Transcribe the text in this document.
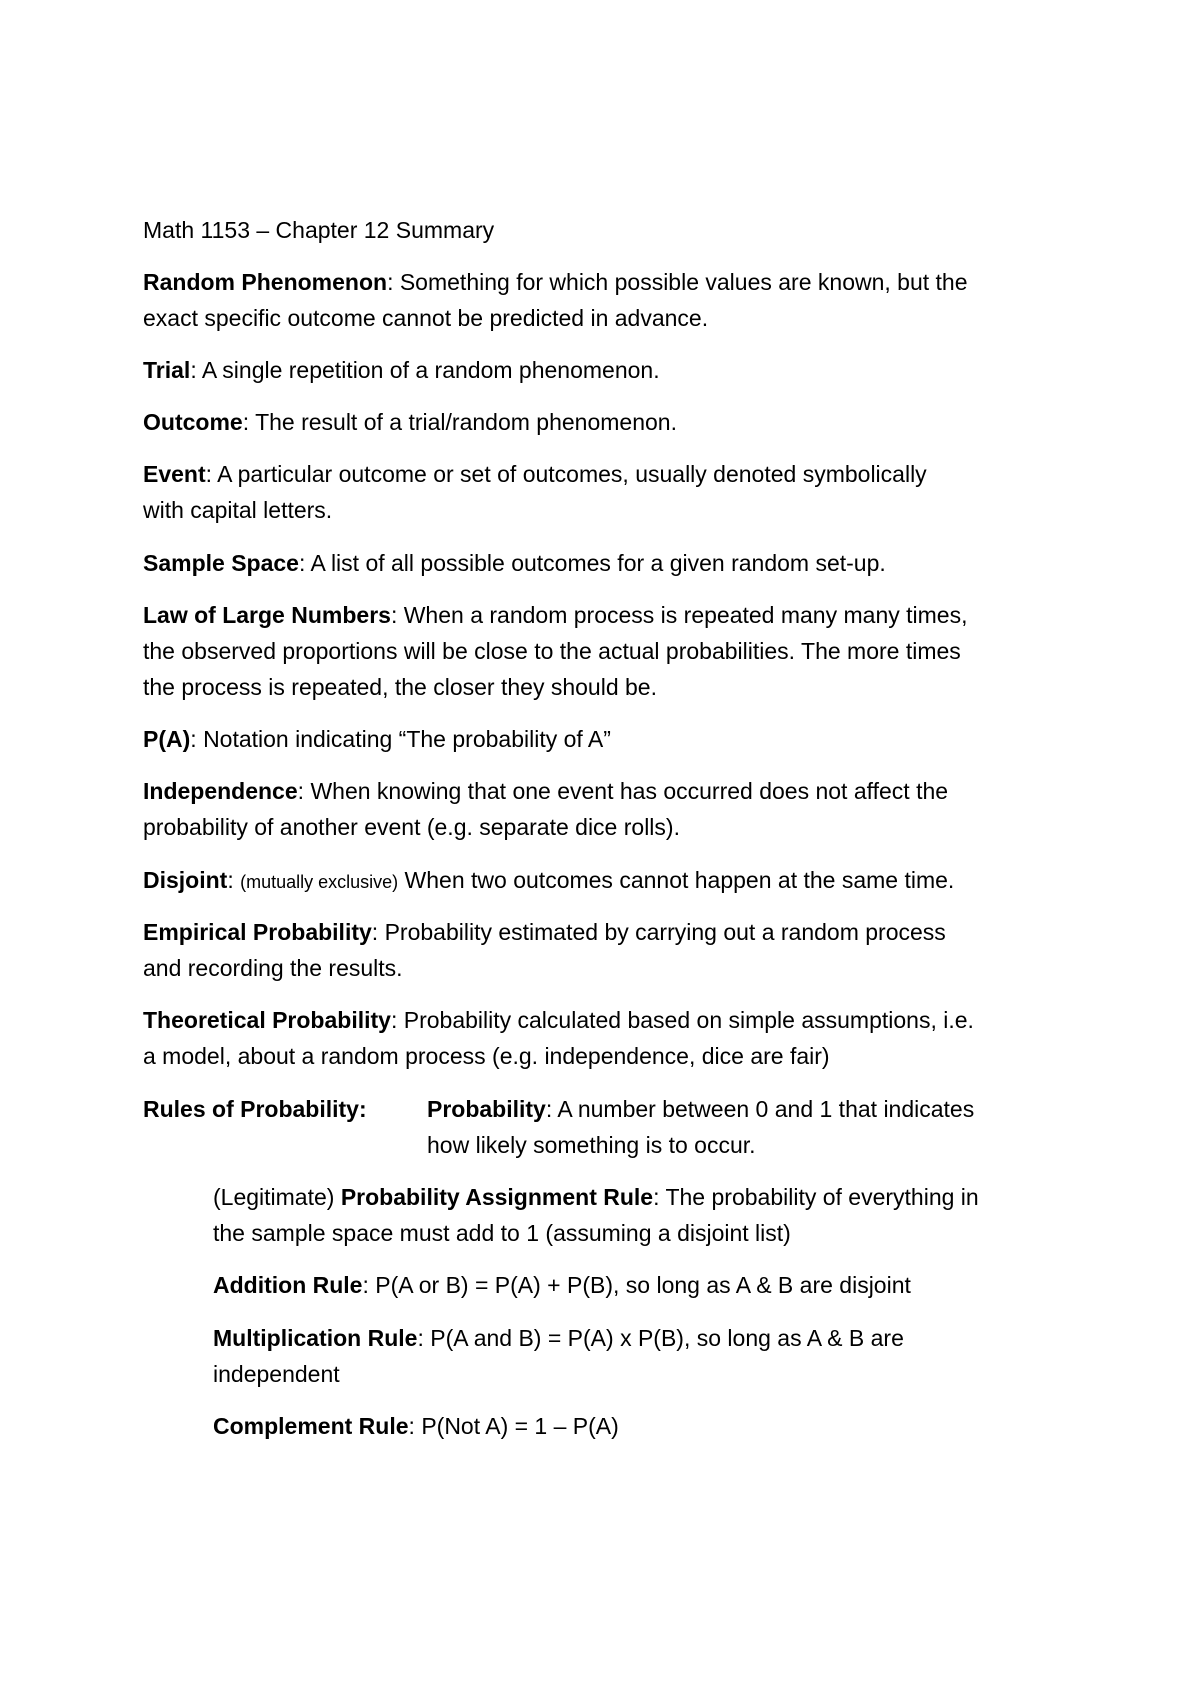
Math 1153 – Chapter 12 Summary
Random Phenomenon: Something for which possible values are known, but the
exact specific outcome cannot be predicted in advance.
Trial: A single repetition of a random phenomenon.
Outcome: The result of a trial/random phenomenon.
Event: A particular outcome or set of outcomes, usually denoted symbolically
with capital letters.
Sample Space: A list of all possible outcomes for a given random set-up.
Law of Large Numbers: When a random process is repeated many many times,
the observed proportions will be close to the actual probabilities. The more times
the process is repeated, the closer they should be.
P(A): Notation indicating “The probability of A”
Independence: When knowing that one event has occurred does not affect the
probability of another event (e.g. separate dice rolls).
Disjoint: (mutually exclusive) When two outcomes cannot happen at the same time.
Empirical Probability: Probability estimated by carrying out a random process
and recording the results.
Theoretical Probability: Probability calculated based on simple assumptions, i.e.
a model, about a random process (e.g. independence, dice are fair)
Rules of Probability:	Probability: A number between 0 and 1 that indicates
how likely something is to occur.
(Legitimate) Probability Assignment Rule: The probability of everything in
the sample space must add to 1 (assuming a disjoint list)
Addition Rule: P(A or B) = P(A) + P(B), so long as A & B are disjoint
Multiplication Rule: P(A and B) = P(A) x P(B), so long as A & B are
independent
Complement Rule: P(Not A) = 1 – P(A)
